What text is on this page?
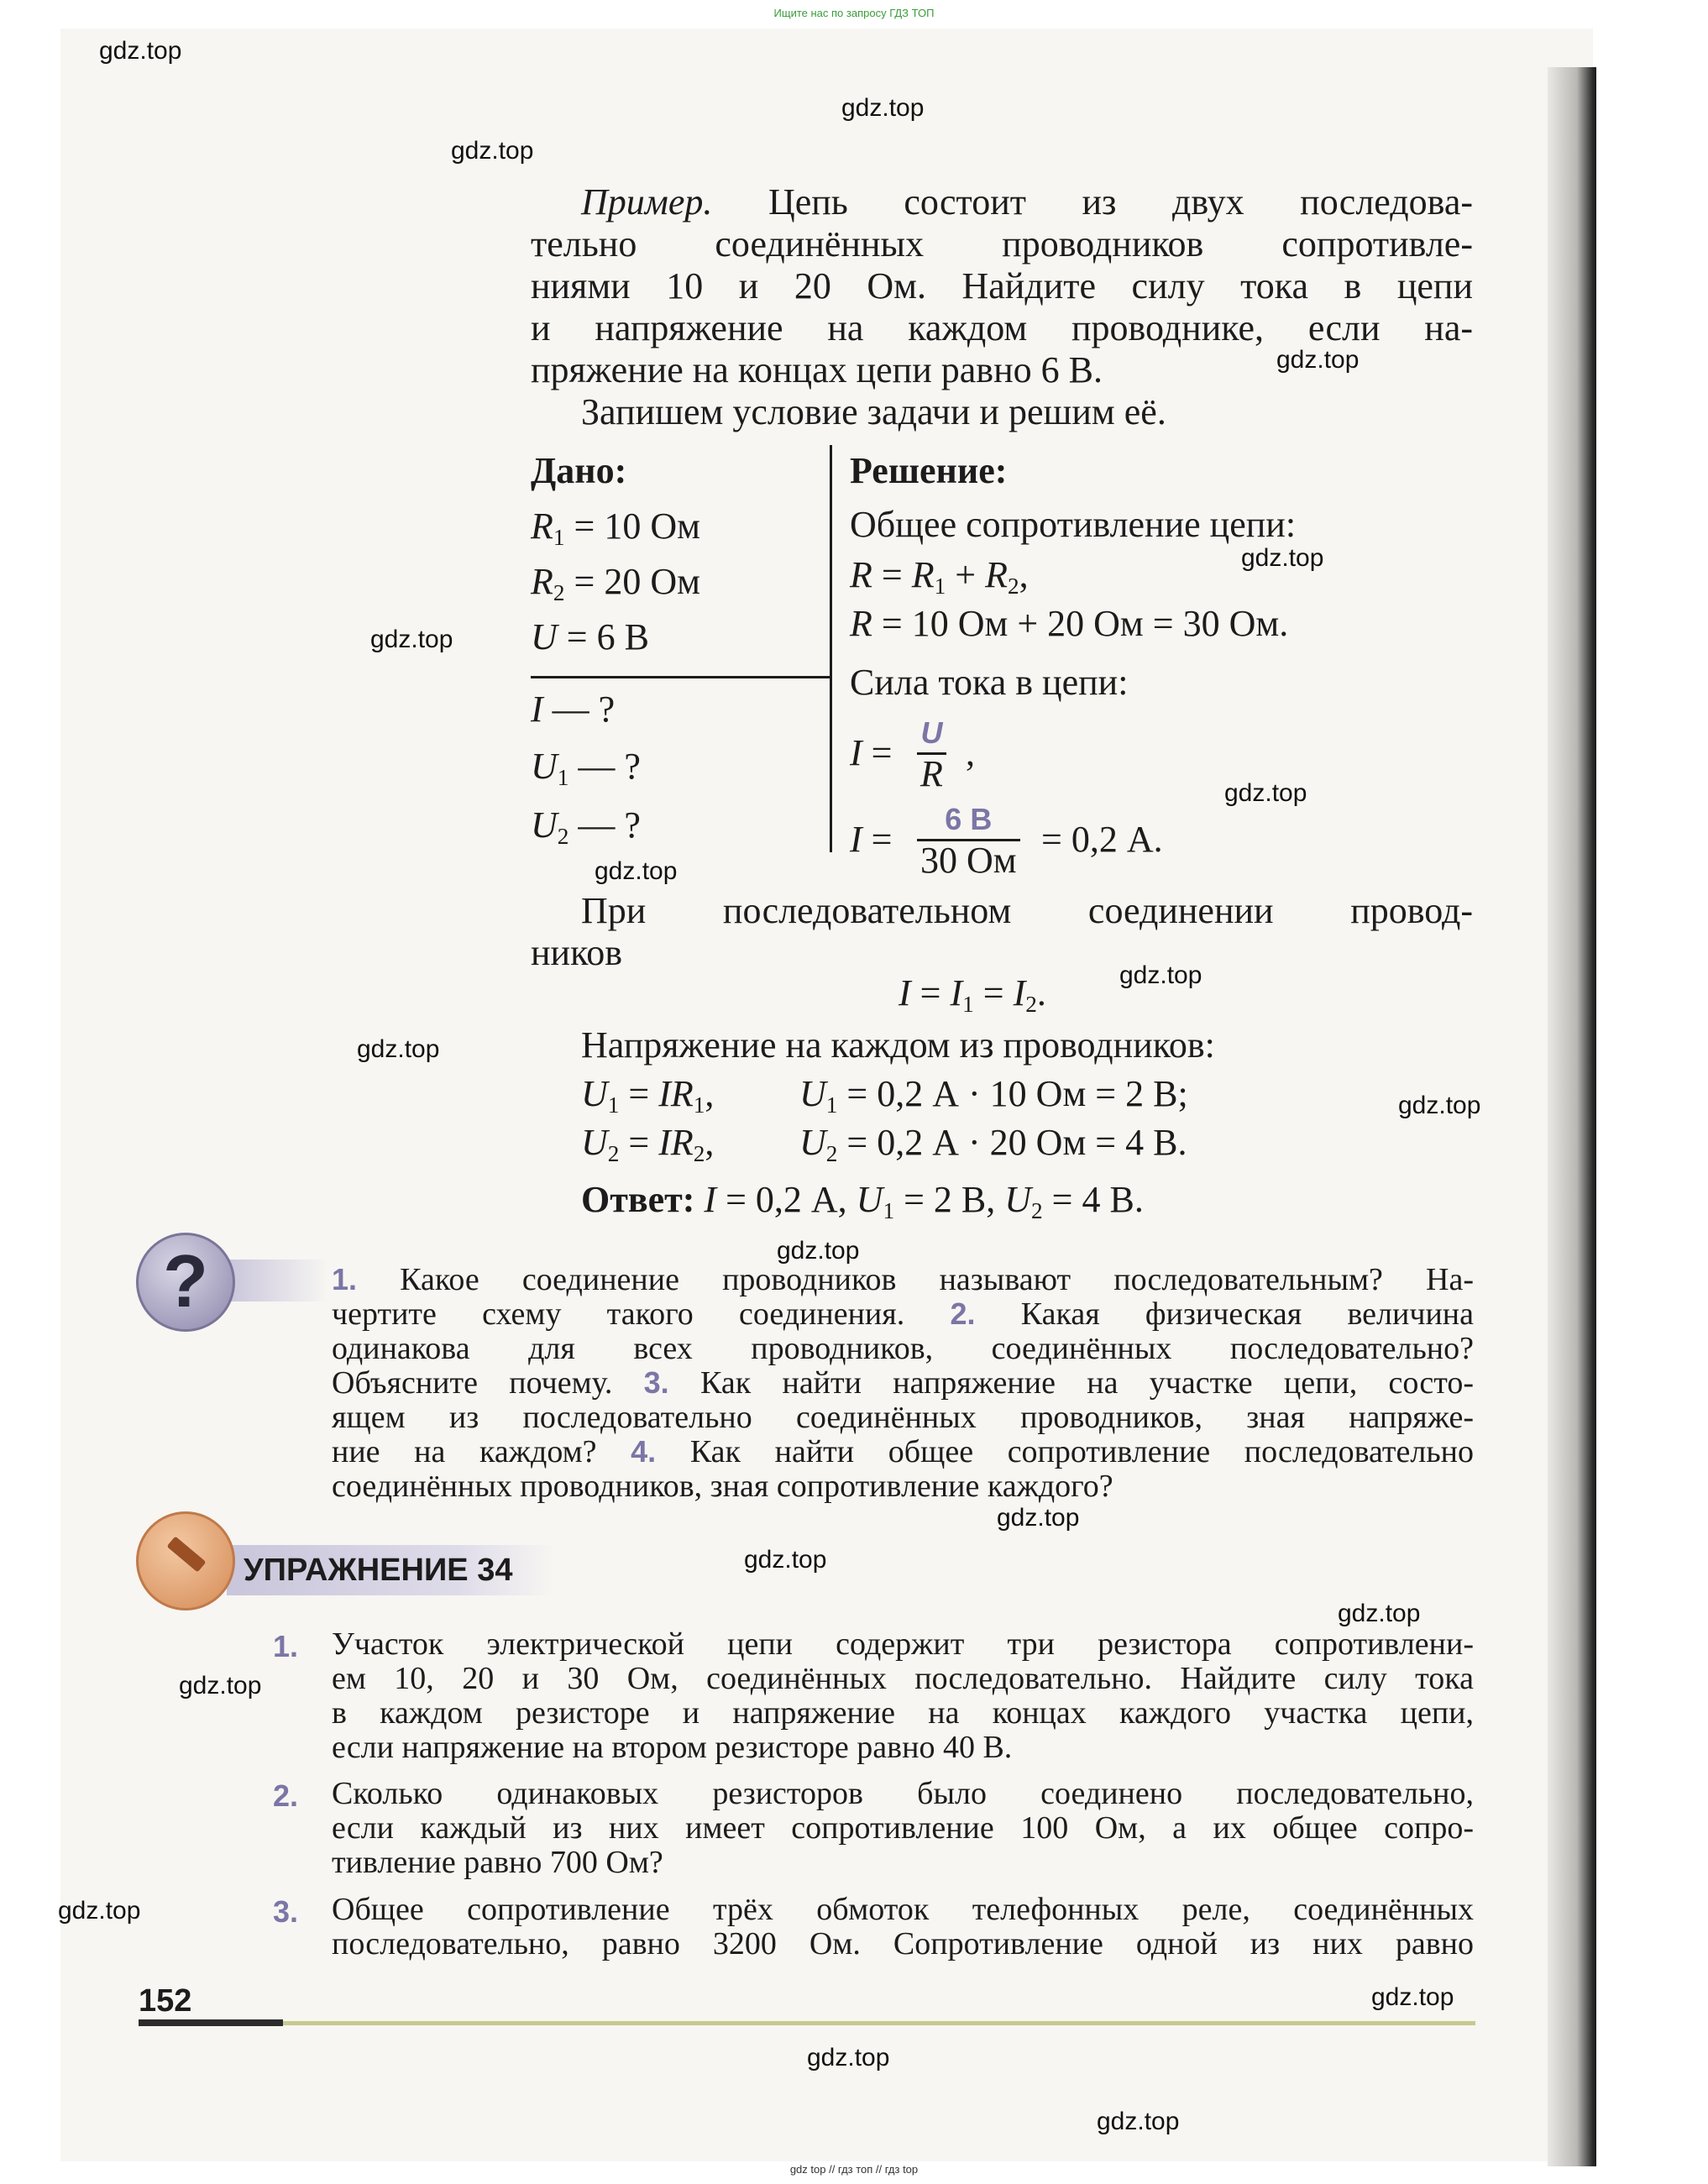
Ищите нас по запросу ГДЗ ТОП
Пример. Цепь состоит из двух последова-
тельно соединённых проводников сопротивле-
ниями 10 и 20 Ом. Найдите силу тока в цепи
и напряжение на каждом проводнике, если на-
пряжение на концах цепи равно 6 В.
Запишем условие задачи и решим её.
Дано:
$R_1 = 10$ Ом
$R_2 = 20$ Ом
U = 6 В
I — ?
$U_1$ — ?
$U_2$ — ?
Решение:
Общее сопротивление цепи:
$R = R_1 + R_2$,
R = 10 Ом + 20 Ом = 30 Ом.
Сила тока в цепи:
I = U
R
,
I =	6 В
30 Ом
= 0,2 А.
При последовательном соединении провод-
ников
$I = I_1 = I_2$.
Напряжение на каждом из проводников:
$U_1 = IR_1$, $U_1 = 0,2$ А · 10 Ом = 2 В;
$U_2 = IR_2$, $U_2 = 0,2$ А · 20 Ом = 4 В.
Ответ: I = 0,2 А, $U_1 = 2$ В, $U_2 = 4$ В.
?	1. Какое соединение проводников называют последовательным? На-
чертите схему такого соединения. 2. Какая физическая величина
одинакова для всех проводников, соединённых последовательно?
Объясните почему. 3. Как найти напряжение на участке цепи, состо-
ящем из последовательно соединённых проводников, зная напряже-
ние на каждом? 4. Как найти общее сопротивление последовательно
соединённых проводников, зная сопротивление каждого?
УПРАЖНЕНИЕ 34
1. Участок электрической цепи содержит три резистора сопротивлени-
ем 10, 20 и 30 Ом, соединённых последовательно. Найдите силу тока
в каждом резисторе и напряжение на концах каждого участка цепи,
если напряжение на втором резисторе равно 40 В.
2. Сколько одинаковых резисторов было соединено последовательно,
если каждый из них имеет сопротивление 100 Ом, а их общее сопро-
тивление равно 700 Ом?
3. Общее сопротивление трёх обмоток телефонных реле, соединённых
последовательно, равно 3200 Ом. Сопротивление одной из них равно
152
gdz top // гдз топ // гдз top
gdz.top
gdz.top
gdz.top
gdz.top
gdz.top
gdz.top
gdz.top
gdz.top
gdz.top
gdz.top
gdz.top
gdz.top
gdz.top
gdz.top
gdz.top
gdz.top
gdz.top
gdz.top
gdz.top
gdz.top
